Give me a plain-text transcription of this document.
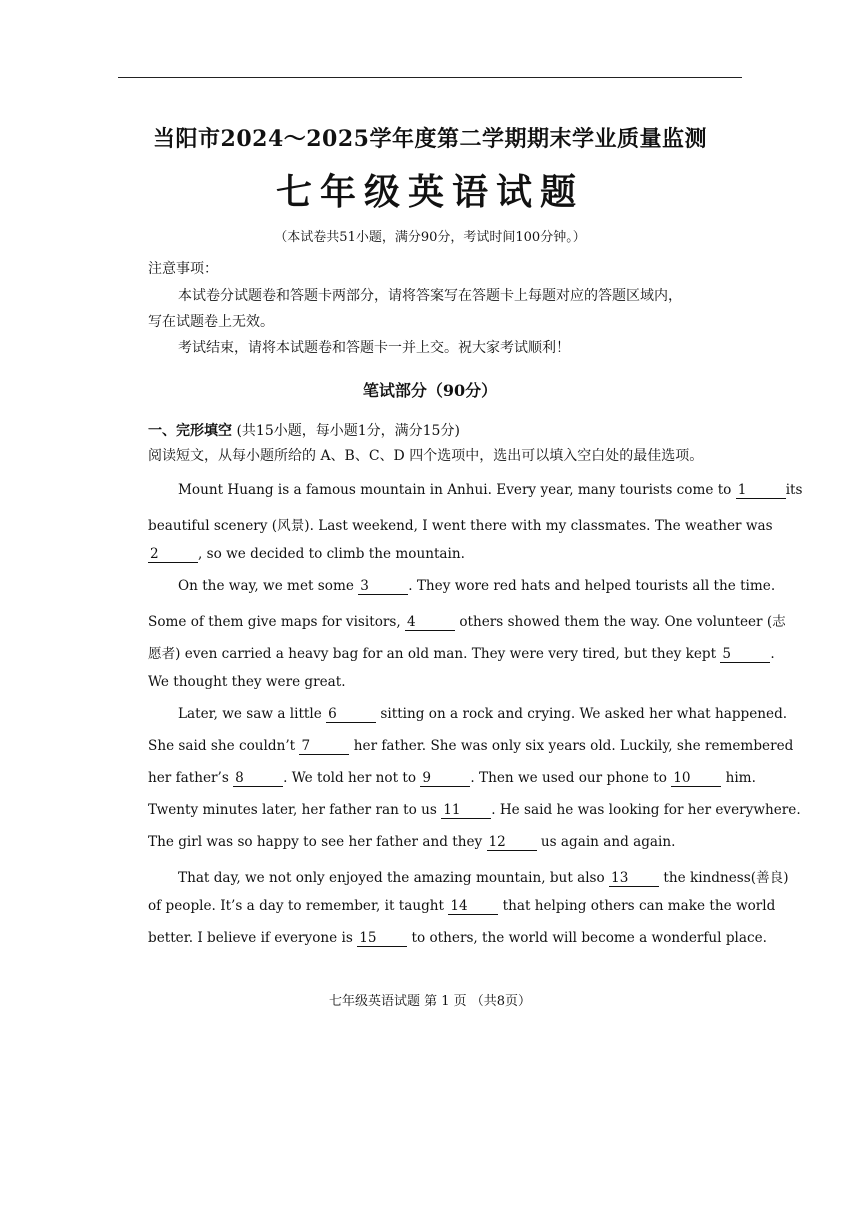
当阳市2024～2025学年度第二学期期末学业质量监测
七年级英语试题
（本试卷共51小题，满分90分，考试时间100分钟。）
注意事项：
本试卷分试题卷和答题卡两部分，请将答案写在答题卡上每题对应的答题区域内，
写在试题卷上无效。
考试结束，请将本试题卷和答题卡一并上交。祝大家考试顺利！
笔试部分（90分）
一、完形填空 (共15小题，每小题1分，满分15分)
阅读短文，从每小题所给的 A、B、C、D 四个选项中，选出可以填入空白处的最佳选项。
Mount Huang is a famous mountain in Anhui. Every year, many tourists come to 1	its
beautiful scenery (风景). Last weekend, I went there with my classmates. The weather was
2	, so we decided to climb the mountain.
On the way, we met some 3	. They wore red hats and helped tourists all the time.
Some of them give maps for visitors, 4	others showed them the way. One volunteer (志
愿者) even carried a heavy bag for an old man. They were very tired, but they kept 5	.
We thought they were great.
Later, we saw a little 6	sitting on a rock and crying. We asked her what happened.
She said she couldn’t 7	her father. She was only six years old. Luckily, she remembered
her father’s 8	. We told her not to 9	. Then we used our phone to 10	him.
Twenty minutes later, her father ran to us 11 . He said he was looking for her everywhere.
The girl was so happy to see her father and they 12	us again and again.
That day, we not only enjoyed the amazing mountain, but also 13	the kindness(善良)
of people. It’s a day to remember, it taught 14	that helping others can make the world
better. I believe if everyone is 15	to others, the world will become a wonderful place.
七年级英语试题 第 1 页 （共8页）
